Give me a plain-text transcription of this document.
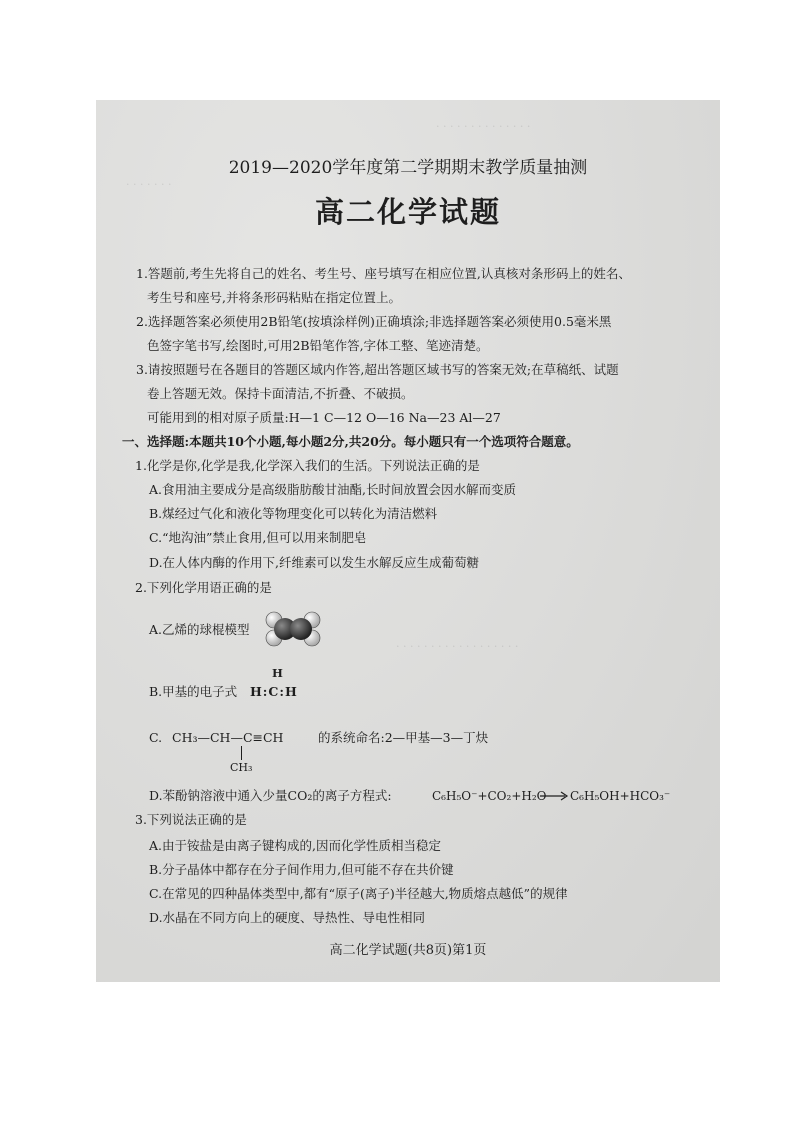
· · · · · · · · · · · · · ·
· · · · · · ·
· · · · · · · · · · · · · · · · · ·
2019—2020学年度第二学期期末教学质量抽测
高二化学试题
1.答题前,考生先将自己的姓名、考生号、座号填写在相应位置,认真核对条形码上的姓名、
考生号和座号,并将条形码粘贴在指定位置上。
2.选择题答案必须使用2B铅笔(按填涂样例)正确填涂;非选择题答案必须使用0.5毫米黑
色签字笔书写,绘图时,可用2B铅笔作答,字体工整、笔迹清楚。
3.请按照题号在各题目的答题区域内作答,超出答题区域书写的答案无效;在草稿纸、试题
卷上答题无效。保持卡面清洁,不折叠、不破损。
可能用到的相对原子质量:H—1 C—12 O—16 Na—23 Al—27
一、选择题:本题共10个小题,每小题2分,共20分。每小题只有一个选项符合题意。
1.化学是你,化学是我,化学深入我们的生活。下列说法正确的是
A.食用油主要成分是高级脂肪酸甘油酯,长时间放置会因水解而变质
B.煤经过气化和液化等物理变化可以转化为清洁燃料
C.“地沟油”禁止食用,但可以用来制肥皂
D.在人体内酶的作用下,纤维素可以发生水解反应生成葡萄糖
2.下列化学用语正确的是
A.乙烯的球棍模型
B.甲基的电子式
H
H:C:H
C. CH₃—CH—C≡CH
CH₃
的系统命名:2—甲基—3—丁炔
D.苯酚钠溶液中通入少量CO₂的离子方程式:	C₆H₅O⁻+CO₂+H₂O → C₆H₅OH+HCO₃⁻
3.下列说法正确的是
A.由于铵盐是由离子键构成的,因而化学性质相当稳定
B.分子晶体中都存在分子间作用力,但可能不存在共价键
C.在常见的四种晶体类型中,都有“原子(离子)半径越大,物质熔点越低”的规律
D.水晶在不同方向上的硬度、导热性、导电性相同
高二化学试题(共8页)第1页
